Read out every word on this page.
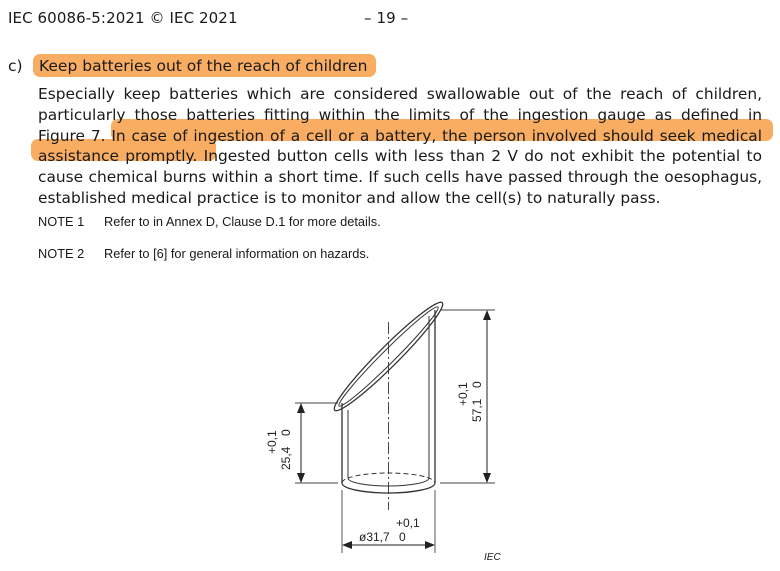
IEC 60086-5:2021 © IEC 2021	– 19 –
c) Keep batteries out of the reach of children
Especially keep batteries which are considered swallowable out of the reach of children,
particularly those batteries fitting within the limits of the ingestion gauge as defined in
Figure 7. In case of ingestion of a cell or a battery, the person involved should seek medical
assistance promptly. Ingested button cells with less than 2 V do not exhibit the potential to
cause chemical burns within a short time. If such cells have passed through the oesophagus,
established medical practice is to monitor and allow the cell(s) to naturally pass.
NOTE 1 Refer to in Annex D, Clause D.1 for more details.
NOTE 2 Refer to [6] for general information on hazards.
25,4
+0,1 0
57,1
+0,1 0
ø31,7
+0,1
0
IEC
